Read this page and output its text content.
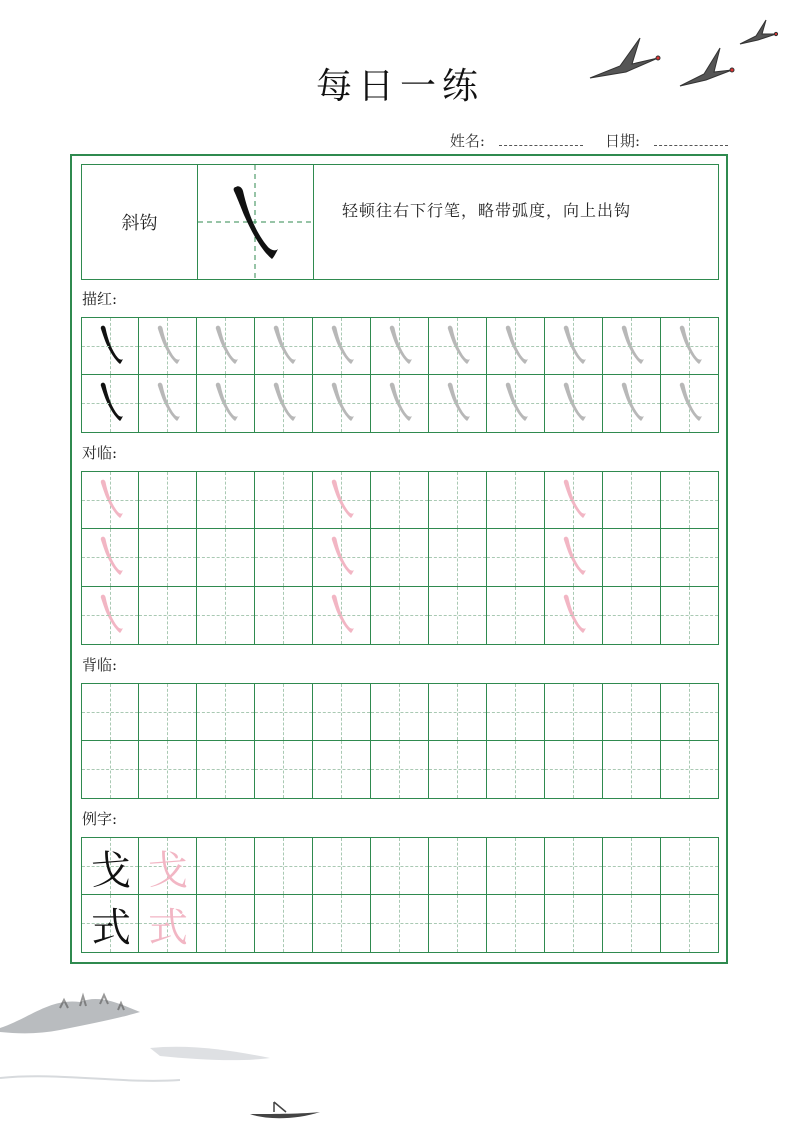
每日一练
姓名:	日期:
斜钩
轻顿往右下行笔，略带弧度，向上出钩
描红:
对临:
背临:
例字:
戈 戈
式 式
